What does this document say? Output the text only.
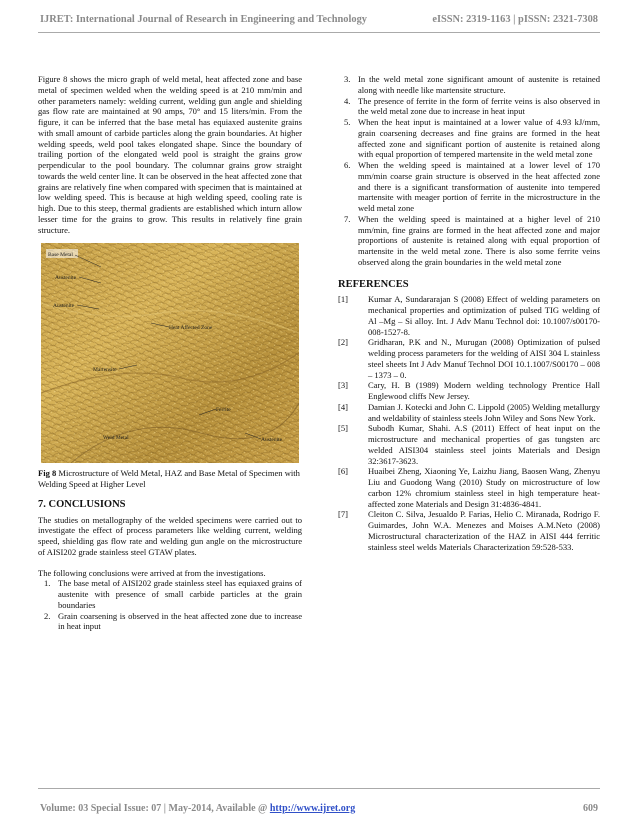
IJRET: International Journal of Research in Engineering and Technology	eISSN: 2319-1163 | pISSN: 2321-7308

Figure 8 shows the micro graph of weld metal, heat affected zone and base metal of specimen welded when the welding speed is at 210 mm/min and other parameters namely: welding current, welding gun angle and shielding gas flow rate are maintained at 90 amps, 70° and 15 liters/min. From the figure, it can be inferred that the base metal has equiaxed austenite grains with small amount of carbide particles along the grain boundaries. At higher welding speeds, weld pool takes elongated shape. Since the boundary of trailing portion of the elongated weld pool is straight the grains grow perpendicular to the pool boundary. The columnar grains grow straight towards the weld center line. It can be observed in the heat affected zone that grains are relatively fine when compared with specimen that is maintained at low welding speed. This is because at high welding speed, cooling rate is high. Due to this steep, thermal gradients are established which inturn allow lesser time for the grains to grow. This results in relatively fine grain structure.

Base Metal
Austenite
Austenite
Heat Affected Zone
Martensite
Ferrite
Weld Metal	Austenite

Fig 8 Microstructure of Weld Metal, HAZ and Base Metal of Specimen with Welding Speed at Higher Level

7. CONCLUSIONS

The studies on metallography of the welded specimens were carried out to investigate the effect of process parameters like welding current, welding speed, shielding gas flow rate and welding gun angle on the microstructure of AISI202 grade stainless steel GTAW plates.

The following conclusions were arrived at from the investigations.

1. The base metal of AISI202 grade stainless steel has equiaxed grains of austenite with presence of small carbide particles at the grain boundaries
2. Grain coarsening is observed in the heat affected zone due to increase in heat input
3. In the weld metal zone significant amount of austenite is retained along with needle like martensite structure.
4. The presence of ferrite in the form of ferrite veins is also observed in the weld metal zone due to increase in heat input
5. When the heat input is maintained at a lower value of 4.93 kJ/mm, grain coarsening decreases and fine grains are formed in the heat affected zone and significant portion of austenite is retained along with equal proportion of tempered martensite in the weld metal zone
6. When the welding speed is maintained at a lower level of 170 mm/min coarse grain structure is observed in the heat affected zone and there is a significant transformation of austenite into tempered martensite with meager portion of ferrite in the microstructure in the weld metal zone
7. When the welding speed is maintained at a higher level of 210 mm/min, fine grains are formed in the heat affected zone and major proportions of austenite is retained along with equal proportion of martensite in the weld metal zone. There is also some ferrite veins observed along the grain boundaries in the weld metal zone
REFERENCES
[1] Kumar A, Sundararajan S (2008) Effect of welding parameters on mechanical properties and optimization of pulsed TIG welding of Al –Mg – Si alloy. Int. J Adv Manu Technol doi: 10.1007/s00170-008-1527-8.
[2] Gridharan, P.K and N., Murugan (2008) Optimization of pulsed welding process parameters for the welding of AISI 304 L stainless steel sheets Int J Adv Manuf Technol DOI 10.1.1007/S00170 – 008 – 1373 – 0.
[3] Cary, H. B (1989) Modern welding technology Prentice Hall Englewood cliffs New Jersey.
[4] Damian J. Kotecki and John C. Lippold (2005) Welding metallurgy and weldability of stainless steels John Wiley and Sons New York.
[5] Subodh Kumar, Shahi. A.S (2011) Effect of heat input on the microstructure and mechanical properties of gas tungsten arc welded AISI304 stainless steel joints Materials and Design 32:3617-3623.
[6] Huaibei Zheng, Xiaoning Ye, Laizhu Jiang, Baosen Wang, Zhenyu Liu and Guodong Wang (2010) Study on microstructure of low carbon 12% chromium stainless steel in high temperature heat-affected zone Materials and Design 31:4836-4841.
[7] Cleiton C. Silva, Jesualdo P. Farias, Helio C. Miranada, Rodrigo F. Guimardes, John W.A. Menezes and Moises A.M.Neto (2008) Microstructural characterization of the HAZ in AISI 444 ferritic stainless steel welds Materials Characterization 59:528-533.
Volume: 03 Special Issue: 07 | May-2014, Available @ http://www.ijret.org	609
